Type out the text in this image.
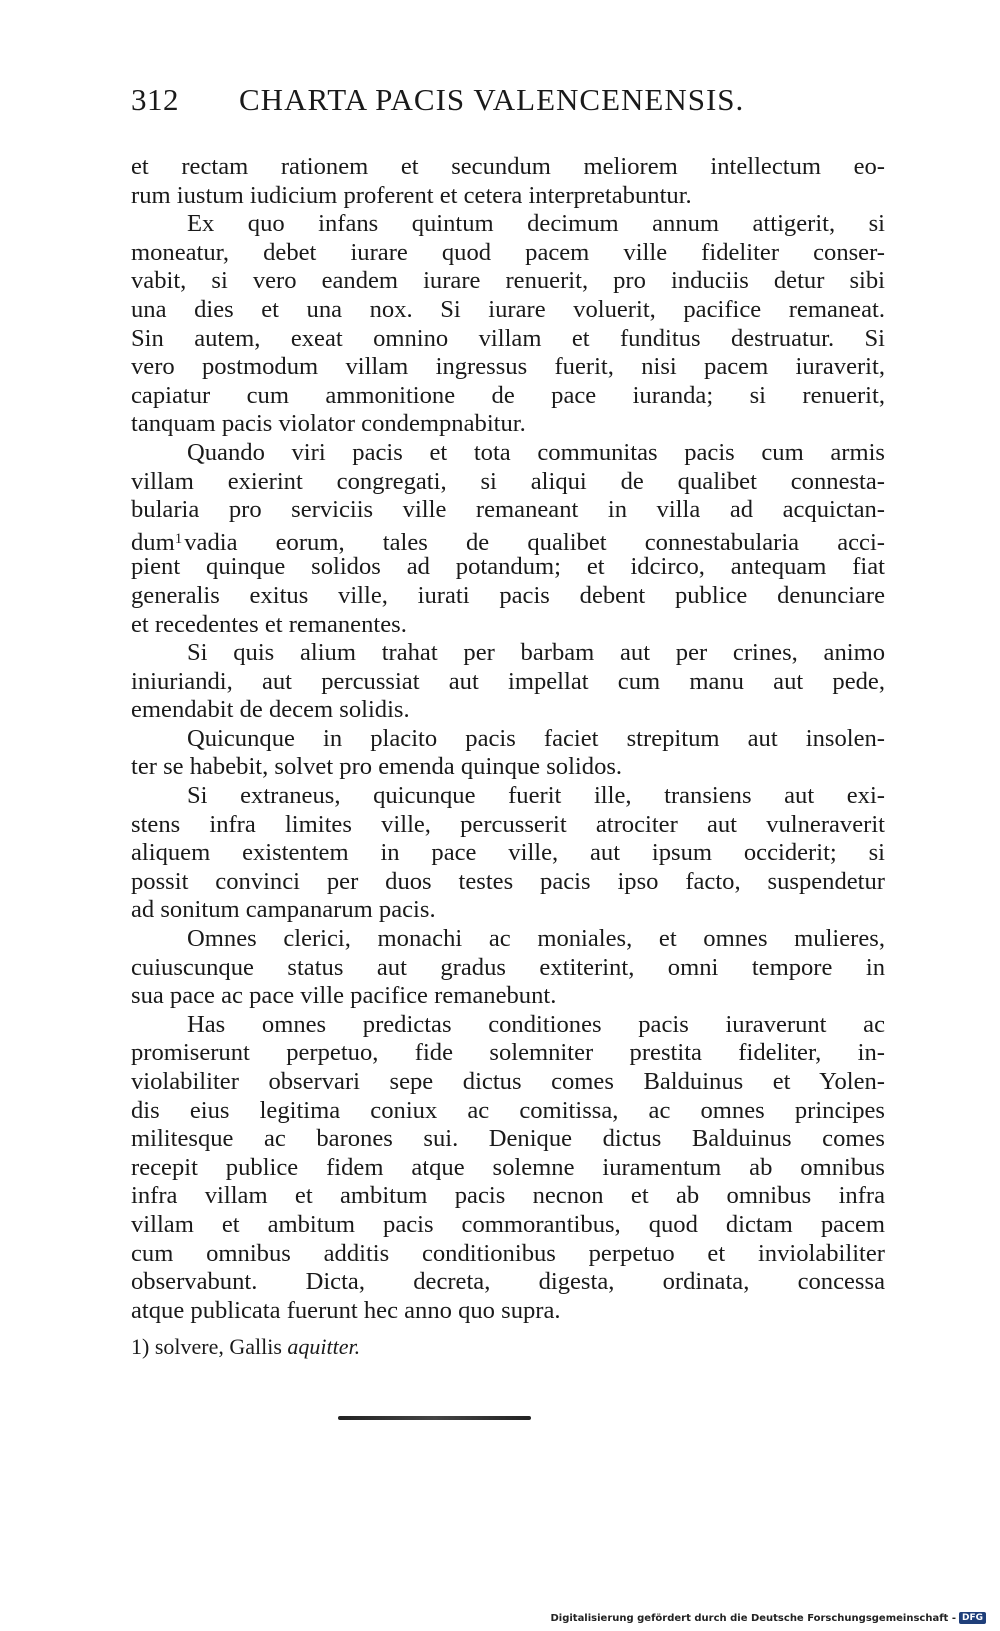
312 CHARTA PACIS VALENCENENSIS.

et rectam rationem et secundum meliorem intellectum eo-
rum iustum iudicium proferent et cetera interpretabuntur.

Ex quo infans quintum decimum annum attigerit, si
moneatur, debet iurare quod pacem ville fideliter conser-
vabit, si vero eandem iurare renuerit, pro induciis detur sibi
una dies et una nox. Si iurare voluerit, pacifice remaneat.
Sin autem, exeat omnino villam et funditus destruatur. Si
vero postmodum villam ingressus fuerit, nisi pacem iuraverit,
capiatur cum ammonitione de pace iuranda; si renuerit,
tanquam pacis violator condempnabitur.

Quando viri pacis et tota communitas pacis cum armis
villam exierint congregati, si aliqui de qualibet connesta-
bularia pro serviciis ville remaneant in villa ad acquictan-
dum$^1$vadia eorum, tales de qualibet connestabularia acci-
pient quinque solidos ad potandum; et idcirco, antequam fiat
generalis exitus ville, iurati pacis debent publice denunciare
et recedentes et remanentes.

Si quis alium trahat per barbam aut per crines, animo
iniuriandi, aut percussiat aut impellat cum manu aut pede,
emendabit de decem solidis.

Quicunque in placito pacis faciet strepitum aut insolen-
ter se habebit, solvet pro emenda quinque solidos.

Si extraneus, quicunque fuerit ille, transiens aut exi-
stens infra limites ville, percusserit atrociter aut vulneraverit
aliquem existentem in pace ville, aut ipsum occiderit; si
possit convinci per duos testes pacis ipso facto, suspendetur
ad sonitum campanarum pacis.

Omnes clerici, monachi ac moniales, et omnes mulieres,
cuiuscunque status aut gradus extiterint, omni tempore in
sua pace ac pace ville pacifice remanebunt.

Has omnes predictas conditiones pacis iuraverunt ac
promiserunt perpetuo, fide solemniter prestita fideliter, in-
violabiliter observari sepe dictus comes Balduinus et Yolen-
dis eius legitima coniux ac comitissa, ac omnes principes
militesque ac barones sui. Denique dictus Balduinus comes
recepit publice fidem atque solemne iuramentum ab omnibus
infra villam et ambitum pacis necnon et ab omnibus infra
villam et ambitum pacis commorantibus, quod dictam pacem
cum omnibus additis conditionibus perpetuo et inviolabiliter
observabunt. Dicta, decreta, digesta, ordinata, concessa
atque publicata fuerunt hec anno quo supra.

1) solvere, Gallis aquitter.
Digitalisierung gefördert durch die Deutsche Forschungsgemeinschaft - DFG
